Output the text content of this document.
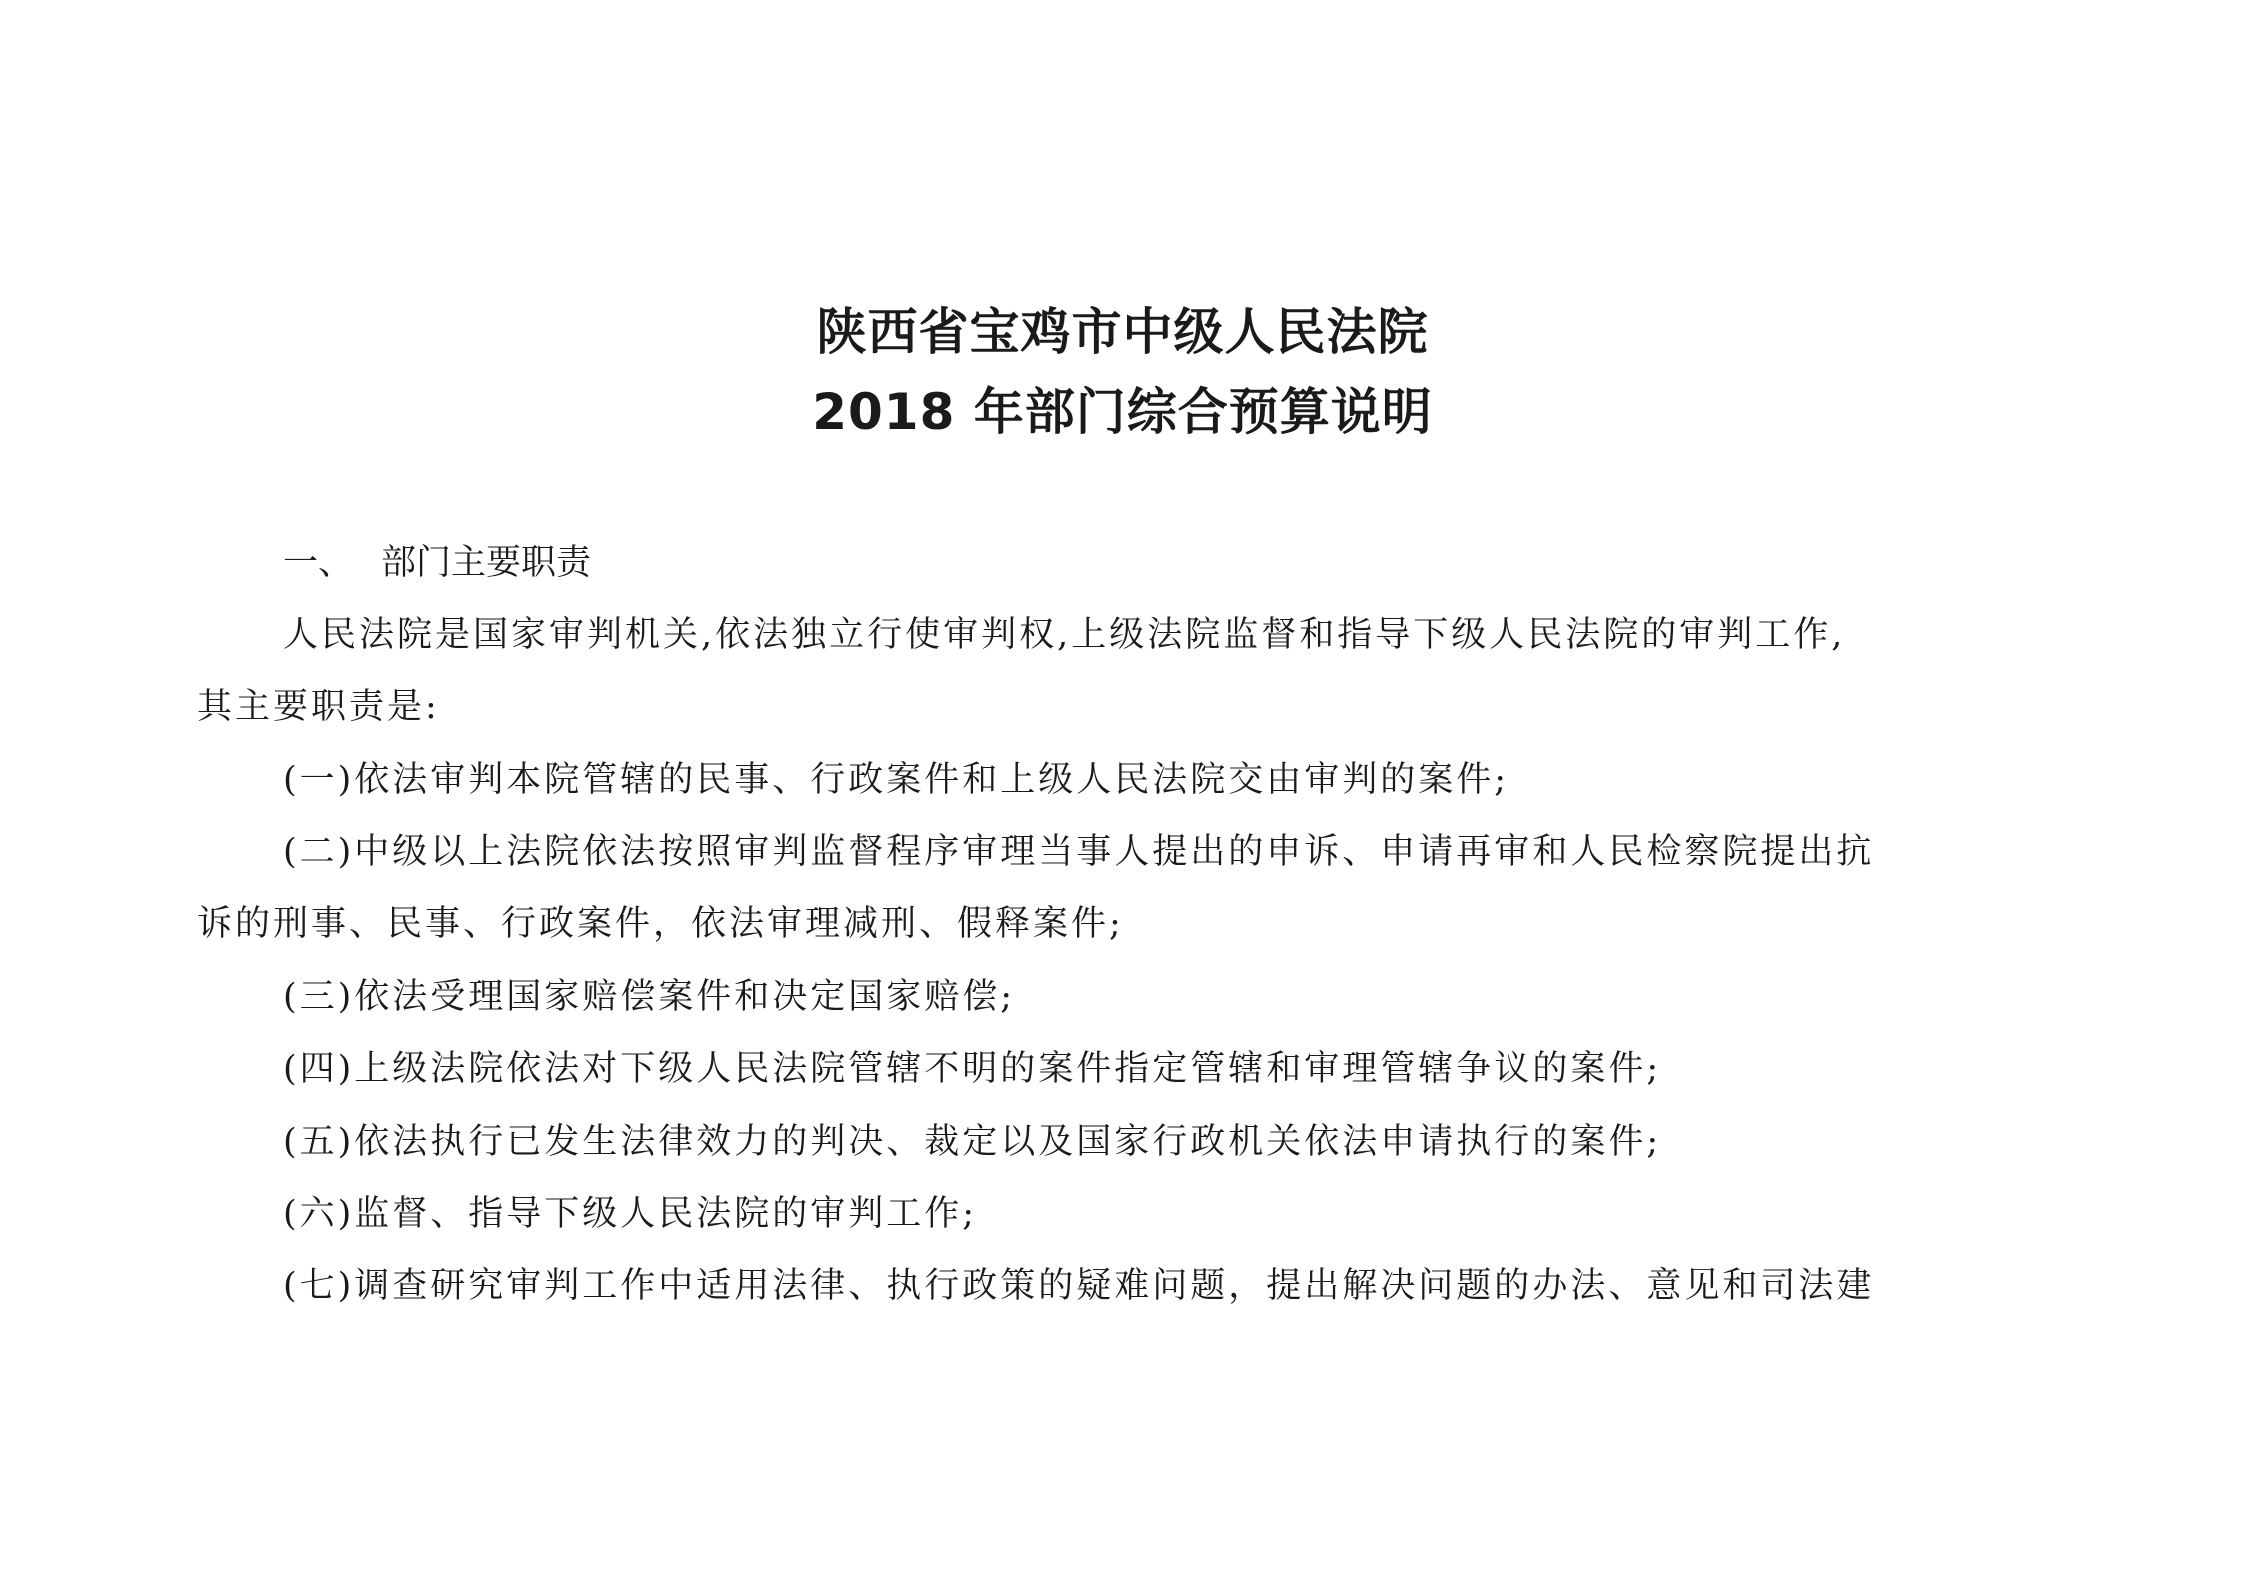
陕西省宝鸡市中级人民法院
2018 年部门综合预算说明
一、 部门主要职责
人民法院是国家审判机关,依法独立行使审判权,上级法院监督和指导下级人民法院的审判工作,
其主要职责是:
(一)依法审判本院管辖的民事、行政案件和上级人民法院交由审判的案件;
(二)中级以上法院依法按照审判监督程序审理当事人提出的申诉、申请再审和人民检察院提出抗
诉的刑事、民事、行政案件，依法审理减刑、假释案件;
(三)依法受理国家赔偿案件和决定国家赔偿;
(四)上级法院依法对下级人民法院管辖不明的案件指定管辖和审理管辖争议的案件;
(五)依法执行已发生法律效力的判决、裁定以及国家行政机关依法申请执行的案件;
(六)监督、指导下级人民法院的审判工作;
(七)调查研究审判工作中适用法律、执行政策的疑难问题，提出解决问题的办法、意见和司法建
